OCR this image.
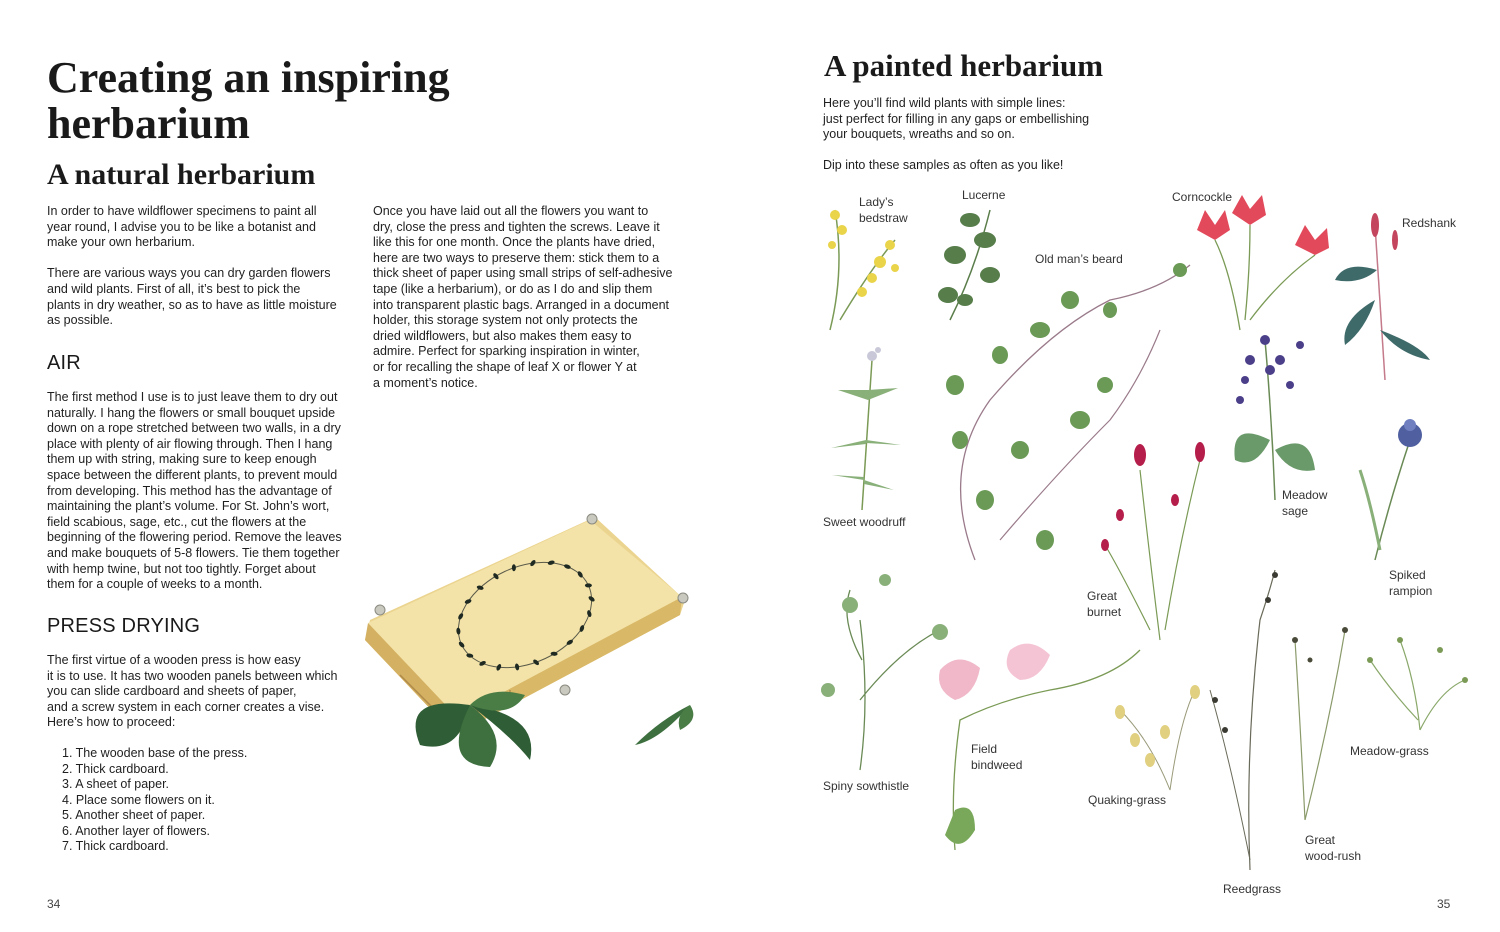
Creating an inspiring herbarium
A natural herbarium

In order to have wildflower specimens to paint all
year round, I advise you to be like a botanist and
make your own herbarium.

There are various ways you can dry garden flowers
and wild plants. First of all, it’s best to pick the
plants in dry weather, so as to have as little moisture
as possible.

AIR

The first method I use is to just leave them to dry out
naturally. I hang the flowers or small bouquet upside
down on a rope stretched between two walls, in a dry
place with plenty of air flowing through. Then I hang
them up with string, making sure to keep enough
space between the different plants, to prevent mould
from developing. This method has the advantage of
maintaining the plant’s volume. For St. John’s wort,
field scabious, sage, etc., cut the flowers at the
beginning of the flowering period. Remove the leaves
and make bouquets of 5-8 flowers. Tie them together
with hemp twine, but not too tightly. Forget about
them for a couple of weeks to a month.

PRESS DRYING

The first virtue of a wooden press is how easy
it is to use. It has two wooden panels between which
you can slide cardboard and sheets of paper,
and a screw system in each corner creates a vise.
Here’s how to proceed:

1. The wooden base of the press.
2. Thick cardboard.
3. A sheet of paper.
4. Place some flowers on it.
5. Another sheet of paper.
6. Another layer of flowers.
7. Thick cardboard.

Once you have laid out all the flowers you want to
dry, close the press and tighten the screws. Leave it
like this for one month. Once the plants have dried,
here are two ways to preserve them: stick them to a
thick sheet of paper using small strips of self-adhesive
tape (like a herbarium), or do as I do and slip them
into transparent plastic bags. Arranged in a document
holder, this storage system not only protects the
dried wildflowers, but also makes them easy to
admire. Perfect for sparking inspiration in winter,
or for recalling the shape of leaf X or flower Y at
a moment’s notice.

34
A painted herbarium

Here you’ll find wild plants with simple lines:
just perfect for filling in any gaps or embellishing
your bouquets, wreaths and so on.

Dip into these samples as often as you like!

Lady’s
bedstraw
Lucerne	Corncockle
Redshank
Old man’s beard
Sweet woodruff
Meadow
sage
Great
burnet
Spiked
rampion
Meadow-grass
Field
bindweed
Spiny sowthistle
Quaking-grass
Great
wood-rush
Reedgrass
35
